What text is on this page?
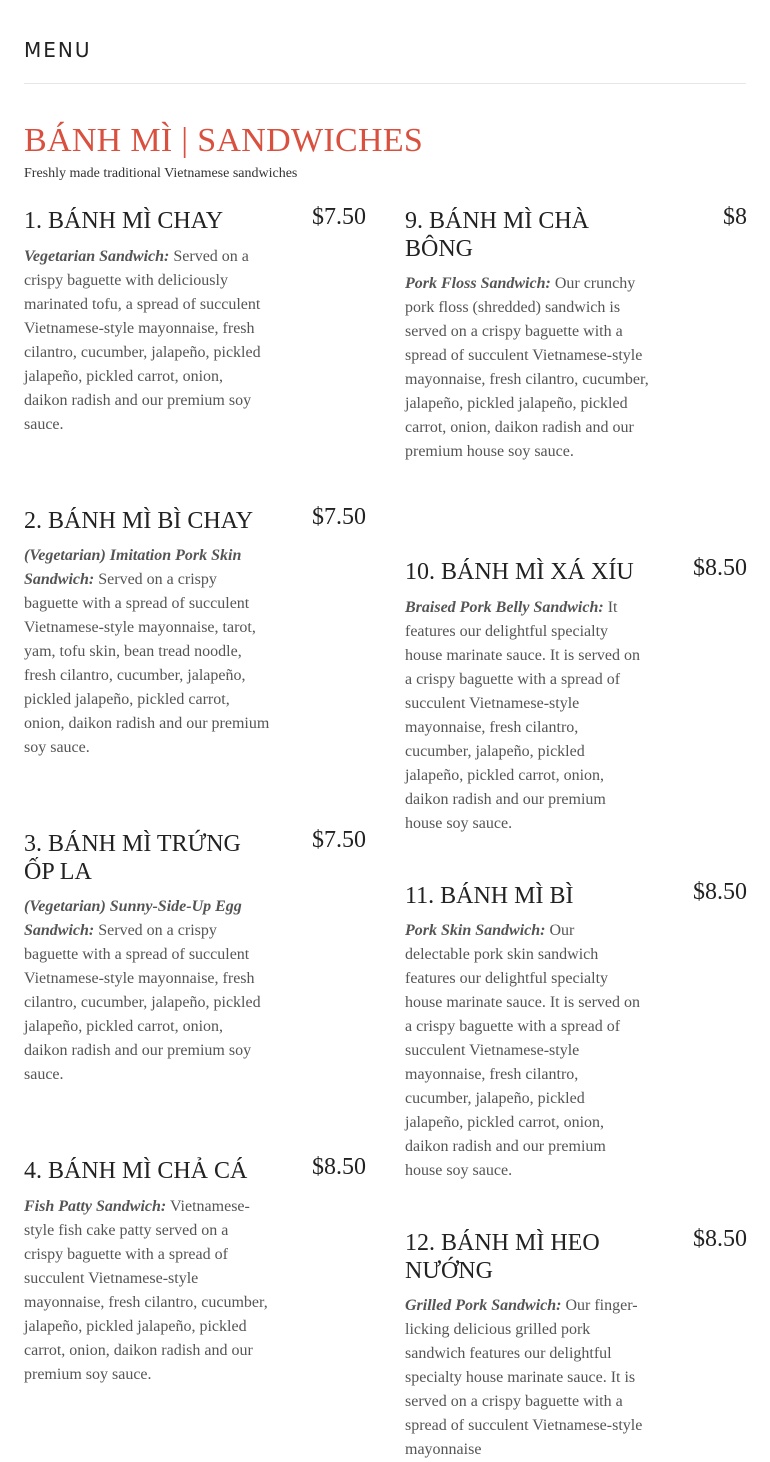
MENU
BÁNH MÌ | SANDWICHES
Freshly made traditional Vietnamese sandwiches
1. BÁNH MÌ CHAY	$7.50
Vegetarian Sandwich: Served on a crispy baguette with deliciously marinated tofu, a spread of succulent Vietnamese-style mayonnaise, fresh cilantro, cucumber, jalapeño, pickled jalapeño, pickled carrot, onion, daikon radish and our premium soy sauce.
2. BÁNH MÌ BÌ CHAY	$7.50
(Vegetarian) Imitation Pork Skin Sandwich: Served on a crispy baguette with a spread of succulent Vietnamese-style mayonnaise, tarot, yam, tofu skin, bean tread noodle, fresh cilantro, cucumber, jalapeño, pickled jalapeño, pickled carrot, onion, daikon radish and our premium soy sauce.
3. BÁNH MÌ TRỨNG ỐP LA
$7.50
(Vegetarian) Sunny-Side-Up Egg Sandwich: Served on a crispy baguette with a spread of succulent Vietnamese-style mayonnaise, fresh cilantro, cucumber, jalapeño, pickled jalapeño, pickled carrot, onion, daikon radish and our premium soy sauce.
4. BÁNH MÌ CHẢ CÁ	$8.50
Fish Patty Sandwich: Vietnamese-style fish cake patty served on a crispy baguette with a spread of succulent Vietnamese-style mayonnaise, fresh cilantro, cucumber, jalapeño, pickled jalapeño, pickled carrot, onion, daikon radish and our premium soy sauce.
9. BÁNH MÌ CHÀ BÔNG
$8
Pork Floss Sandwich: Our crunchy pork floss (shredded) sandwich is served on a crispy baguette with a spread of succulent Vietnamese-style mayonnaise, fresh cilantro, cucumber, jalapeño, pickled jalapeño, pickled carrot, onion, daikon radish and our premium house soy sauce.
10. BÁNH MÌ XÁ XÍU	$8.50
Braised Pork Belly Sandwich: It features our delightful specialty house marinate sauce. It is served on a crispy baguette with a spread of succulent Vietnamese-style mayonnaise, fresh cilantro, cucumber, jalapeño, pickled jalapeño, pickled carrot, onion, daikon radish and our premium house soy sauce.
11. BÁNH MÌ BÌ	$8.50
Pork Skin Sandwich: Our delectable pork skin sandwich features our delightful specialty house marinate sauce. It is served on a crispy baguette with a spread of succulent Vietnamese-style mayonnaise, fresh cilantro, cucumber, jalapeño, pickled jalapeño, pickled carrot, onion, daikon radish and our premium house soy sauce.
12. BÁNH MÌ HEO NƯỚNG
$8.50
Grilled Pork Sandwich: Our finger-licking delicious grilled pork sandwich features our delightful specialty house marinate sauce. It is served on a crispy baguette with a spread of succulent Vietnamese-style mayonnaise
